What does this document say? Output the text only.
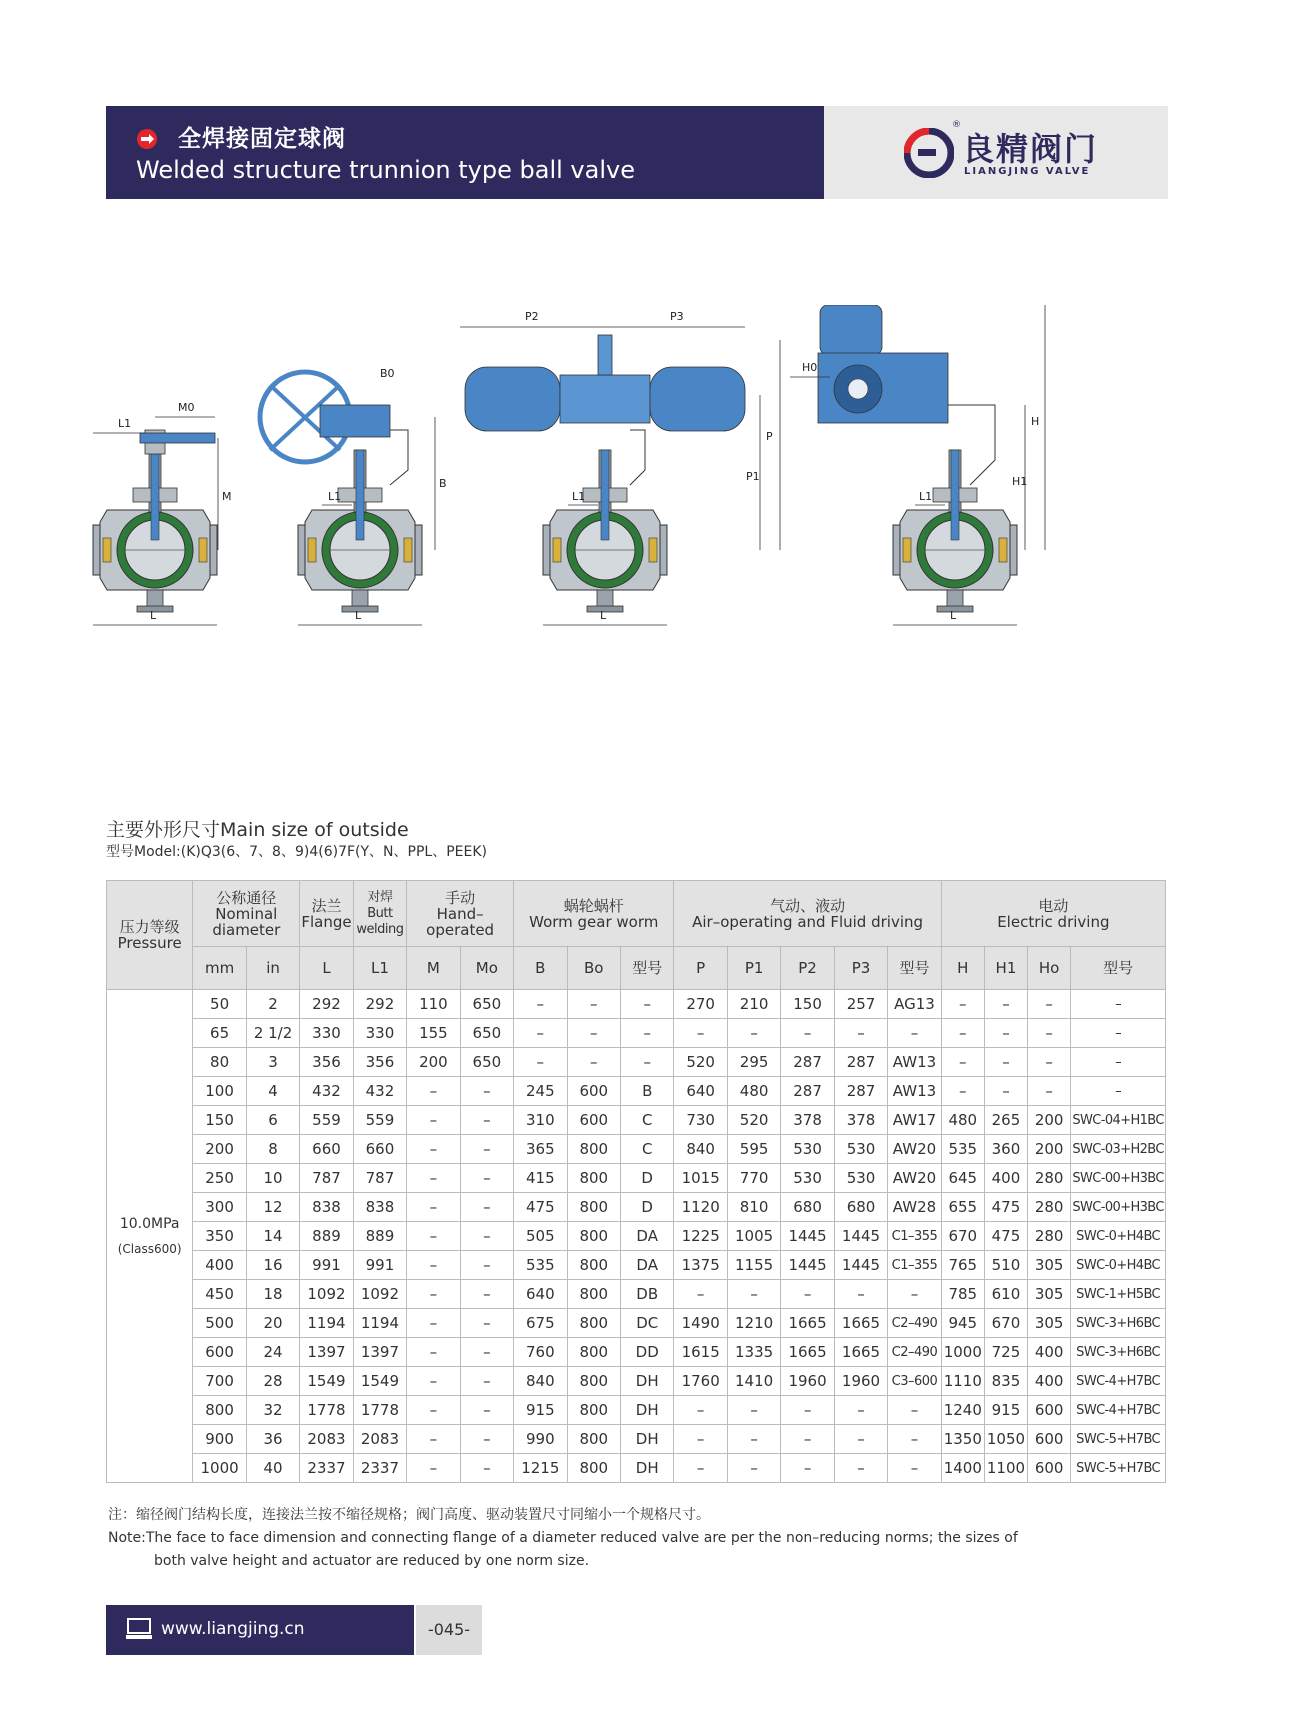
全焊接固定球阀
Welded structure trunnion type ball valve
®
良精阀门
LIANGJING VALVE
L
L1
M0
M
L
L1
B
B0
P2	P3
L
L1
P1
P
L
L1
H0
H1
H
主要外形尺寸Main size of outside
型号Model:(K)Q3(6、7、8、9)4(6)7F(Y、N、PPL、PEEK)
压力等级
Pressure	公称通径
Nominal
diameter		法兰
Flange	对焊
Butt
welding	手动
Hand–
operated		蜗轮蜗杆
Worm gear worm			气动、液动
Air–operating and Fluid driving					电动
Electric driving			
	mm	in	L	L1	M	Mo	B	Bo	型号	P	P1	P2	P3	型号	H	H1	Ho	型号

10.0MPa
(Class600)	50	2	292	292	110	650	–	–	–	270	210	150	257	AG13	–	–	–	–
	65	2 1/2	330	330	155	650	–	–	–	–	–	–	–	–	–	–	–	–
	80	3	356	356	200	650	–	–	–	520	295	287	287	AW13	–	–	–	–
	100	4	432	432	–	–	245	600	B	640	480	287	287	AW13	–	–	–	–
	150	6	559	559	–	–	310	600	C	730	520	378	378	AW17	480	265	200	SWC-04+H1BC
	200	8	660	660	–	–	365	800	C	840	595	530	530	AW20	535	360	200	SWC-03+H2BC
	250	10	787	787	–	–	415	800	D	1015	770	530	530	AW20	645	400	280	SWC-00+H3BC
	300	12	838	838	–	–	475	800	D	1120	810	680	680	AW28	655	475	280	SWC-00+H3BC
	350	14	889	889	–	–	505	800	DA	1225	1005	1445	1445	C1–355	670	475	280	SWC-0+H4BC
	400	16	991	991	–	–	535	800	DA	1375	1155	1445	1445	C1–355	765	510	305	SWC-0+H4BC
	450	18	1092	1092	–	–	640	800	DB	–	–	–	–	–	785	610	305	SWC-1+H5BC
	500	20	1194	1194	–	–	675	800	DC	1490	1210	1665	1665	C2–490	945	670	305	SWC-3+H6BC
	600	24	1397	1397	–	–	760	800	DD	1615	1335	1665	1665	C2–490	1000	725	400	SWC-3+H6BC
	700	28	1549	1549	–	–	840	800	DH	1760	1410	1960	1960	C3–600	1110	835	400	SWC-4+H7BC
	800	32	1778	1778	–	–	915	800	DH	–	–	–	–	–	1240	915	600	SWC-4+H7BC
	900	36	2083	2083	–	–	990	800	DH	–	–	–	–	–	1350	1050	600	SWC-5+H7BC
	1000	40	2337	2337	–	–	1215	800	DH	–	–	–	–	–	1400	1100	600	SWC-5+H7BC
注：缩径阀门结构长度，连接法兰按不缩径规格；阀门高度、驱动装置尺寸同缩小一个规格尺寸。
Note:The face to face dimension and connecting flange of a diameter reduced valve are per the non–reducing norms; the sizes of
both valve height and actuator are reduced by one norm size.
www.liangjing.cn	-045-
